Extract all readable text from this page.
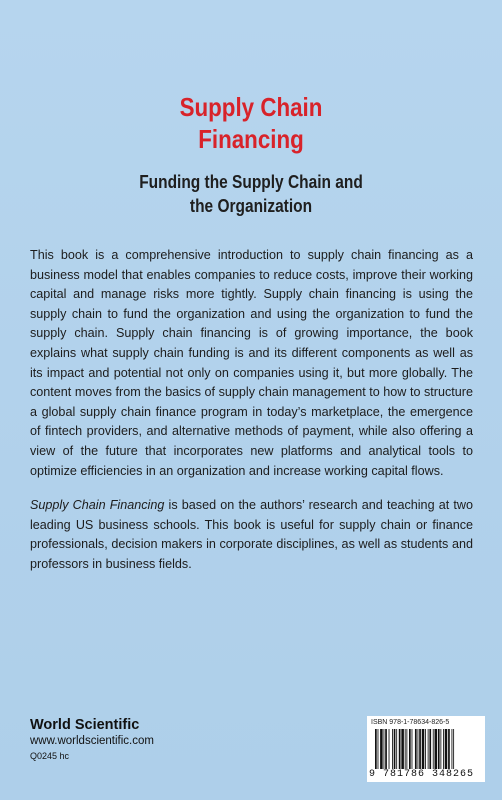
Supply Chain
Financing
Funding the Supply Chain and
the Organization

This book is a comprehensive introduction to supply chain financing as a business model that enables companies to reduce costs, improve their working capital and manage risks more tightly. Supply chain financing is using the supply chain to fund the organization and using the organization to fund the supply chain. Supply chain financing is of growing importance, the book explains what supply chain funding is and its different components as well as its impact and potential not only on companies using it, but more globally. The content moves from the basics of supply chain management to how to structure a global supply chain finance program in today’s marketplace, the emergence of fintech providers, and alternative methods of payment, while also offering a view of the future that incorporates new platforms and analytical tools to optimize efficiencies in an organization and increase working capital flows.

Supply Chain Financing is based on the authors’ research and teaching at two leading US business schools. This book is useful for supply chain or finance professionals, decision makers in corporate disciplines, as well as students and professors in business fields.

World Scientific
www.worldscientific.com
Q0245 hc
ISBN 978-1-78634-826-5
9 781786 348265
